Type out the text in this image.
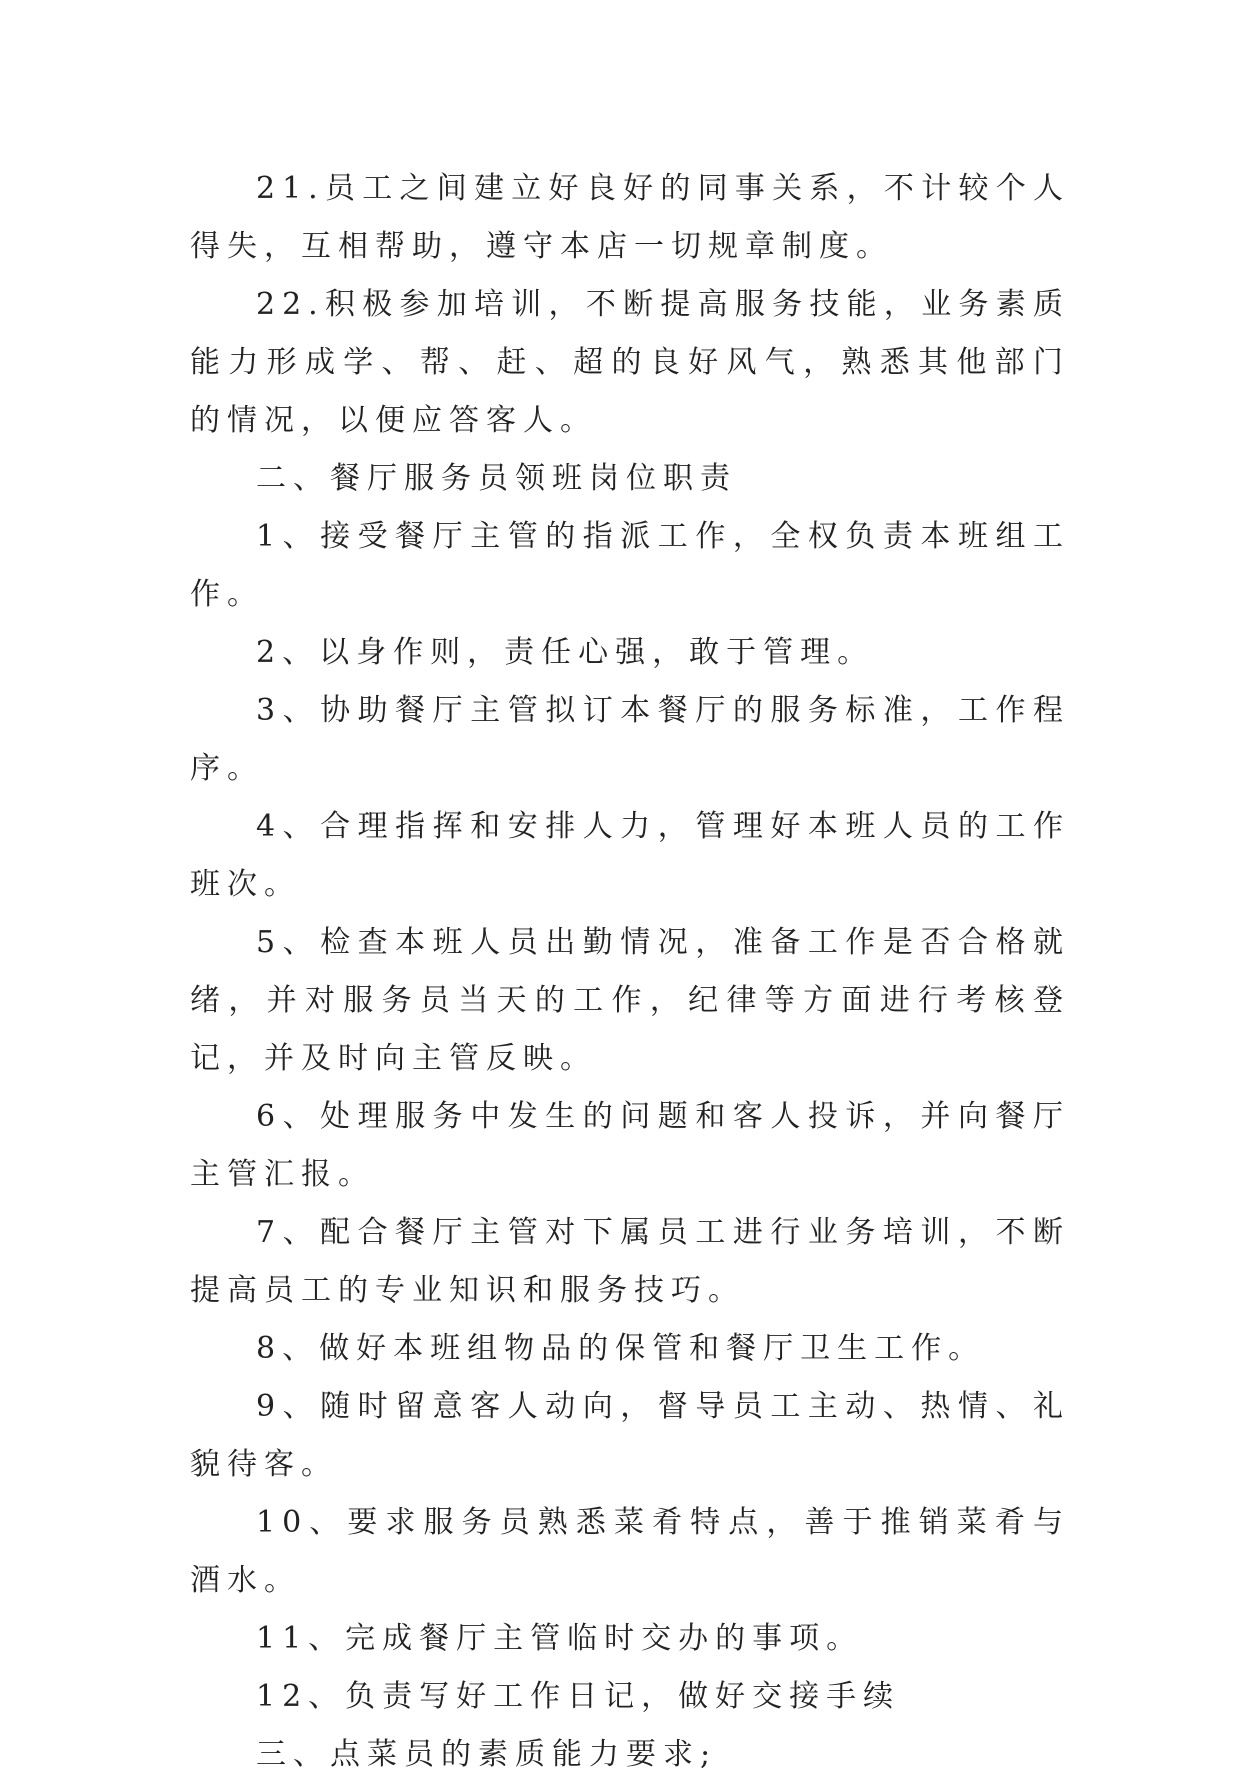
21.员工之间建立好良好的同事关系，不计较个人得失，互相帮助，遵守本店一切规章制度。

22.积极参加培训，不断提高服务技能，业务素质能力形成学、帮、赶、超的良好风气，熟悉其他部门的情况，以便应答客人。

二、餐厅服务员领班岗位职责

1、接受餐厅主管的指派工作，全权负责本班组工作。

2、以身作则，责任心强，敢于管理。

3、协助餐厅主管拟订本餐厅的服务标准，工作程序。

4、合理指挥和安排人力，管理好本班人员的工作班次。

5、检查本班人员出勤情况，准备工作是否合格就绪，并对服务员当天的工作，纪律等方面进行考核登记，并及时向主管反映。

6、处理服务中发生的问题和客人投诉，并向餐厅主管汇报。

7、配合餐厅主管对下属员工进行业务培训，不断提高员工的专业知识和服务技巧。

8、做好本班组物品的保管和餐厅卫生工作。

9、随时留意客人动向，督导员工主动、热情、礼貌待客。

10、要求服务员熟悉菜肴特点，善于推销菜肴与酒水。

11、完成餐厅主管临时交办的事项。

12、负责写好工作日记，做好交接手续

三、点菜员的素质能力要求;
